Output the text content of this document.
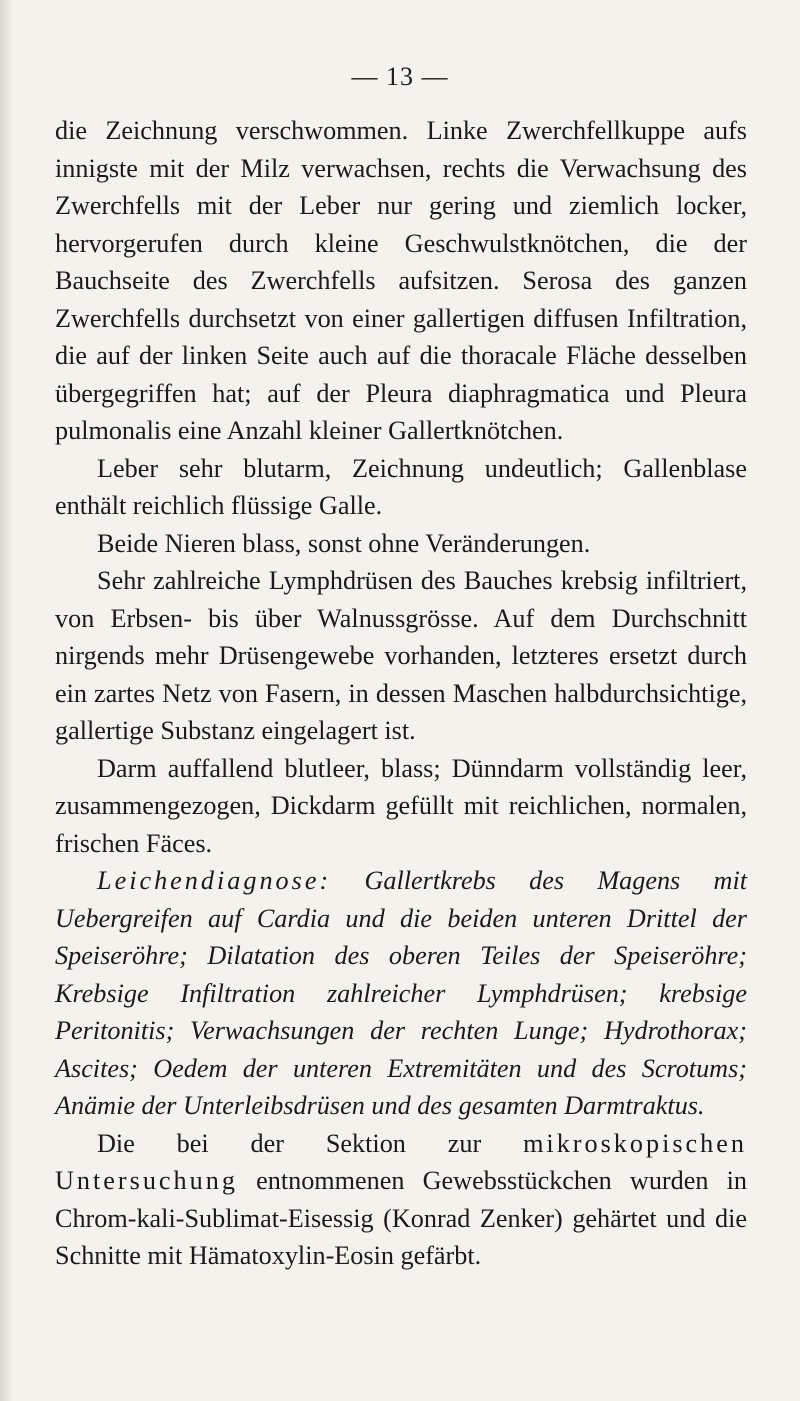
— 13 —

die Zeichnung verschwommen. Linke Zwerchfellkuppe aufs innigste mit der Milz verwachsen, rechts die Verwachsung des Zwerchfells mit der Leber nur gering und ziemlich locker, hervorgerufen durch kleine Geschwulstknötchen, die der Bauchseite des Zwerchfells aufsitzen. Serosa des ganzen Zwerchfells durchsetzt von einer gallertigen diffusen Infiltration, die auf der linken Seite auch auf die thoracale Fläche desselben übergegriffen hat; auf der Pleura diaphragmatica und Pleura pulmonalis eine Anzahl kleiner Gallertknötchen.

Leber sehr blutarm, Zeichnung undeutlich; Gallenblase enthält reichlich flüssige Galle.

Beide Nieren blass, sonst ohne Veränderungen.

Sehr zahlreiche Lymphdrüsen des Bauches krebsig infiltriert, von Erbsen- bis über Walnussgrösse. Auf dem Durchschnitt nirgends mehr Drüsengewebe vorhanden, letzteres ersetzt durch ein zartes Netz von Fasern, in dessen Maschen halbdurchsichtige, gallertige Substanz eingelagert ist.

Darm auffallend blutleer, blass; Dünndarm vollständig leer, zusammengezogen, Dickdarm gefüllt mit reichlichen, normalen, frischen Fäces.

Leichendiagnose: Gallertkrebs des Magens mit Uebergreifen auf Cardia und die beiden unteren Drittel der Speiseröhre; Dilatation des oberen Teiles der Speiseröhre; Krebsige Infiltration zahlreicher Lymphdrüsen; krebsige Peritonitis; Verwachsungen der rechten Lunge; Hydrothorax; Ascites; Oedem der unteren Extremitäten und des Scrotums; Anämie der Unterleibsdrüsen und des gesamten Darmtraktus.

Die bei der Sektion zur mikroskopischen Untersuchung entnommenen Gewebsstückchen wurden in Chrom-kali-Sublimat-Eisessig (Konrad Zenker) gehärtet und die Schnitte mit Hämatoxylin-Eosin gefärbt.
